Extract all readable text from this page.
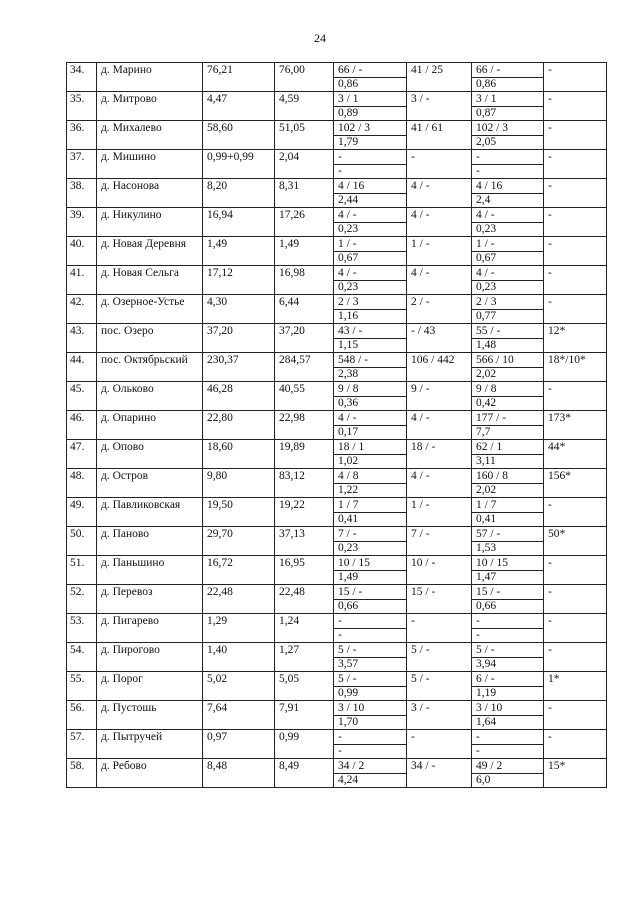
24
34.	д. Марино	76,21	76,00	66 / -	41 / 25	66 / -	-
				0,86		0,86	
35.	д. Митрово	4,47	4,59	3 / 1	3 / -	3 / 1	-
				0,89		0,87	
36.	д. Михалево	58,60	51,05	102 / 3	41 / 61	102 / 3	-
				1,79		2,05	
37.	д. Мишино	0,99+0,99	2,04	-	-	-	-
				-		-	
38.	д. Насонова	8,20	8,31	4 / 16	4 / -	4 / 16	-
				2,44		2,4	
39.	д. Никулино	16,94	17,26	4 / -	4 / -	4 / -	-
				0,23		0,23	
40.	д. Новая Деревня	1,49	1,49	1 / -	1 / -	1 / -	-
				0,67		0,67	
41.	д. Новая Сельга	17,12	16,98	4 / -	4 / -	4 / -	-
				0,23		0,23	
42.	д. Озерное-Устье	4,30	6,44	2 / 3	2 / -	2 / 3	-
				1,16		0,77	
43.	пос. Озеро	37,20	37,20	43 / -	- / 43	55 / -	12*
				1,15		1,48	
44.	пос. Октябрьский	230,37	284,57	548 / -	106 / 442	566 / 10	18*/10*
				2,38		2,02	
45.	д. Ольково	46,28	40,55	9 / 8	9 / -	9 / 8	-
				0,36		0,42	
46.	д. Опарино	22,80	22,98	4 / -	4 / -	177 / -	173*
				0,17		7,7	
47.	д. Опово	18,60	19,89	18 / 1	18 / -	62 / 1	44*
				1,02		3,11	
48.	д. Остров	9,80	83,12	4 / 8	4 / -	160 / 8	156*
				1,22		2,02	
49.	д. Павликовская	19,50	19,22	1 / 7	1 / -	1 / 7	-
				0,41		0,41	
50.	д. Паново	29,70	37,13	7 / -	7 / -	57 / -	50*
				0,23		1,53	
51.	д. Паньшино	16,72	16,95	10 / 15	10 / -	10 / 15	-
				1,49		1,47	
52.	д. Перевоз	22,48	22,48	15 / -	15 / -	15 / -	-
				0,66		0,66	
53.	д. Пигарево	1,29	1,24	-	-	-	-
				-		-	
54.	д. Пирогово	1,40	1,27	5 / -	5 / -	5 / -	-
				3,57		3,94	
55.	д. Порог	5,02	5,05	5 / -	5 / -	6 / -	1*
				0,99		1,19	
56.	д. Пустошь	7,64	7,91	3 / 10	3 / -	3 / 10	-
				1,70		1,64	
57.	д. Пытручей	0,97	0,99	-	-	-	-
				-		-	
58.	д. Ребово	8,48	8,49	34 / 2	34 / -	49 / 2	15*
				4,24		6,0	
